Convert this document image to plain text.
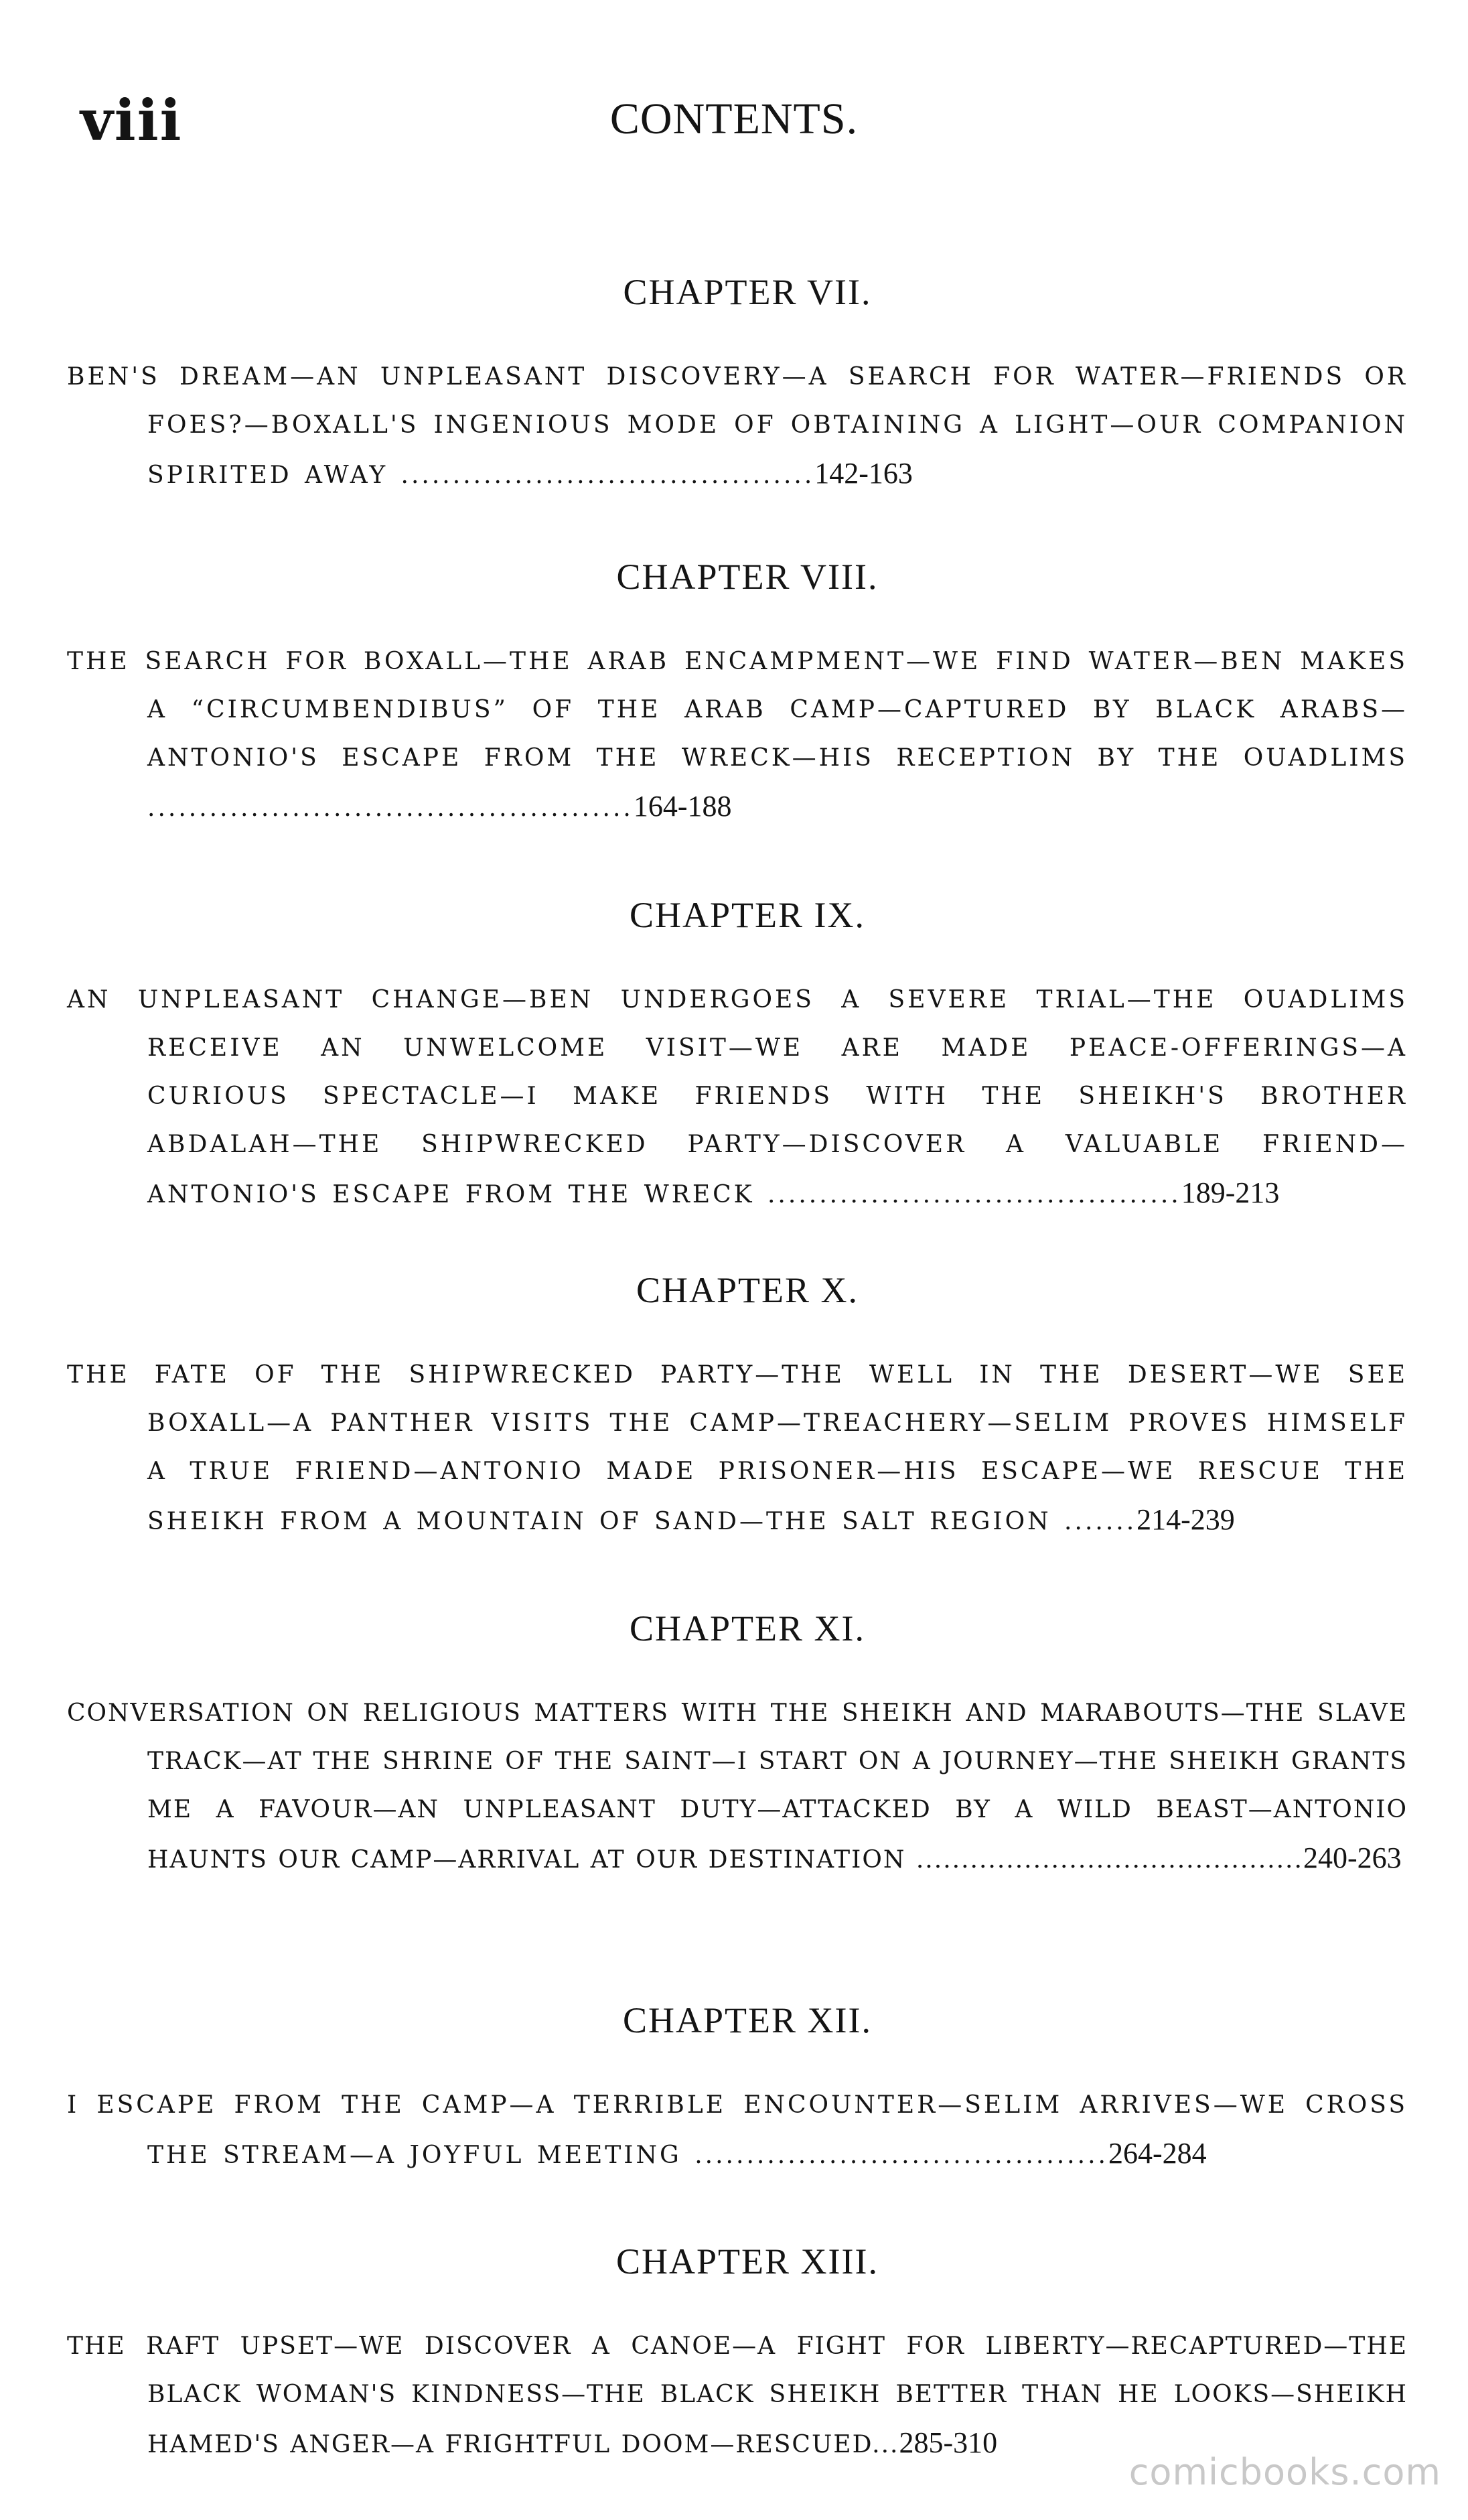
viii	CONTENTS.
CHAPTER VII.
BEN'S DREAM—AN UNPLEASANT DISCOVERY—A SEARCH FOR WATER—FRIENDS OR FOES?—BOXALL'S INGENIOUS MODE OF OBTAINING A LIGHT—OUR COMPANION SPIRITED AWAY ........................................142-163
CHAPTER VIII.
THE SEARCH FOR BOXALL—THE ARAB ENCAMPMENT—WE FIND WATER—BEN MAKES A “CIRCUMBENDIBUS” OF THE ARAB CAMP—CAPTURED BY BLACK ARABS—ANTONIO'S ESCAPE FROM THE WRECK—HIS RECEPTION BY THE OUADLIMS ...............................................164-188
CHAPTER IX.
AN UNPLEASANT CHANGE—BEN UNDERGOES A SEVERE TRIAL—THE OUADLIMS RECEIVE AN UNWELCOME VISIT—WE ARE MADE PEACE-OFFERINGS—A CURIOUS SPECTACLE—I MAKE FRIENDS WITH THE SHEIKH'S BROTHER ABDALAH—THE SHIPWRECKED PARTY—DISCOVER A VALUABLE FRIEND—ANTONIO'S ESCAPE FROM THE WRECK ........................................189-213
CHAPTER X.
THE FATE OF THE SHIPWRECKED PARTY—THE WELL IN THE DESERT—WE SEE BOXALL—A PANTHER VISITS THE CAMP—TREACHERY—SELIM PROVES HIMSELF A TRUE FRIEND—ANTONIO MADE PRISONER—HIS ESCAPE—WE RESCUE THE SHEIKH FROM A MOUNTAIN OF SAND—THE SALT REGION .......214-239
CHAPTER XI.
CONVERSATION ON RELIGIOUS MATTERS WITH THE SHEIKH AND MARABOUTS—THE SLAVE TRACK—AT THE SHRINE OF THE SAINT—I START ON A JOURNEY—THE SHEIKH GRANTS ME A FAVOUR—AN UNPLEASANT DUTY—ATTACKED BY A WILD BEAST—ANTONIO HAUNTS OUR CAMP—ARRIVAL AT OUR DESTINATION ...........................................240-263
CHAPTER XII.
I ESCAPE FROM THE CAMP—A TERRIBLE ENCOUNTER—SELIM ARRIVES—WE CROSS THE STREAM—A JOYFUL MEETING ........................................264-284
CHAPTER XIII.
THE RAFT UPSET—WE DISCOVER A CANOE—A FIGHT FOR LIBERTY—RECAPTURED—THE BLACK WOMAN'S KINDNESS—THE BLACK SHEIKH BETTER THAN HE LOOKS—SHEIKH HAMED'S ANGER—A FRIGHTFUL DOOM—RESCUED...285-310
comicbooks.com
